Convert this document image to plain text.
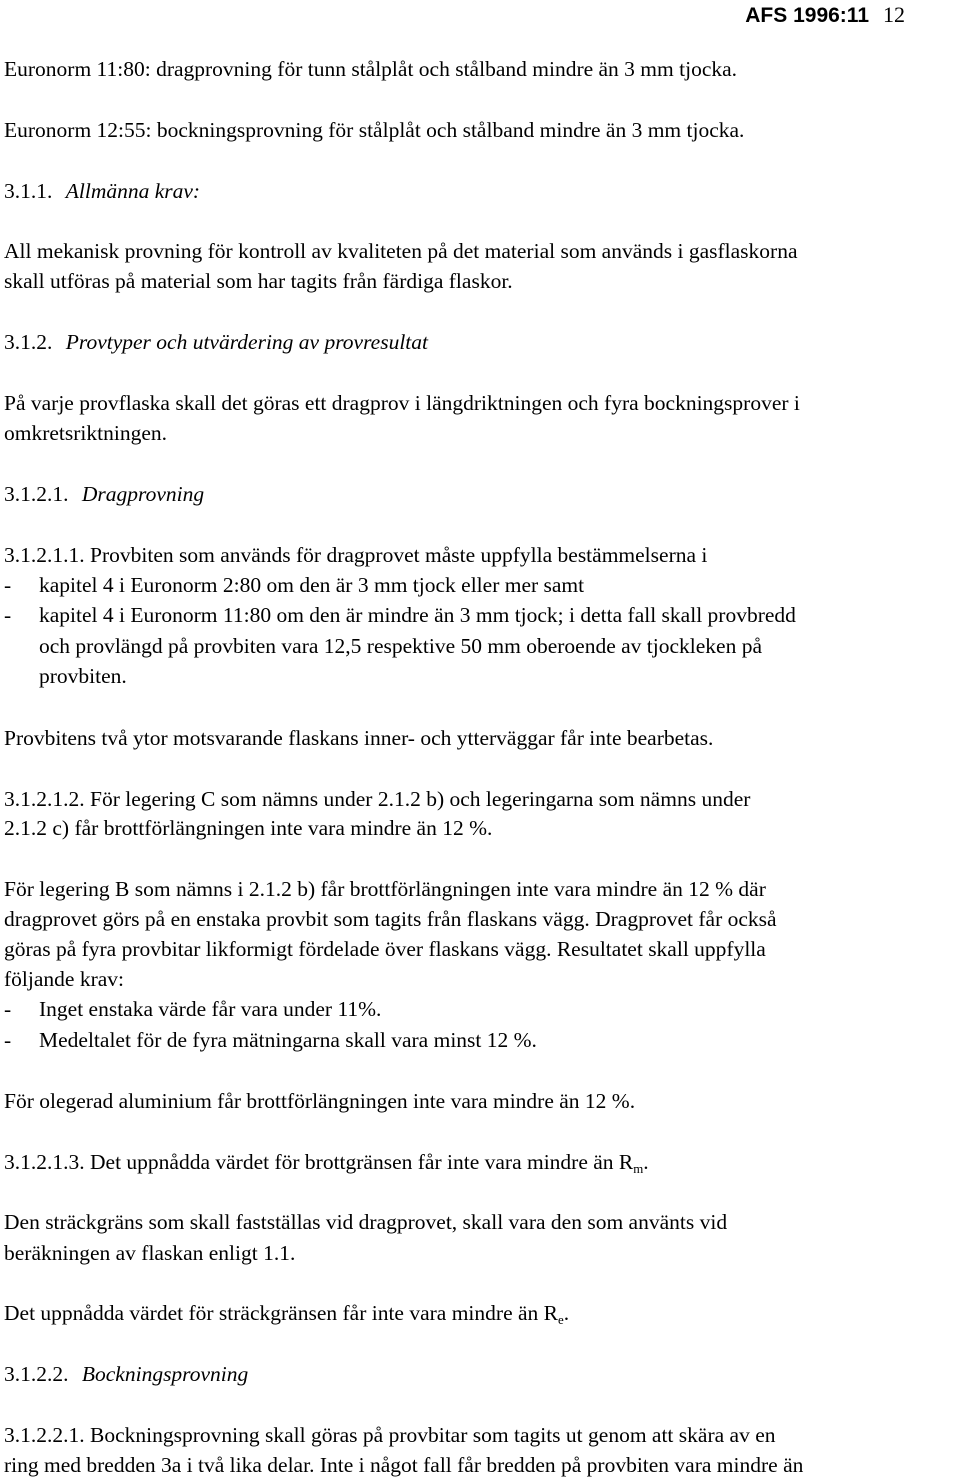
AFS 1996:11 12
Euronorm 11:80: dragprovning för tunn stålplåt och stålband mindre än 3 mm tjocka.
Euronorm 12:55: bockningsprovning för stålplåt och stålband mindre än 3 mm tjocka.
3.1.1. Allmänna krav:
All mekanisk provning för kontroll av kvaliteten på det material som används i gasflaskorna
skall utföras på material som har tagits från färdiga flaskor.
3.1.2. Provtyper och utvärdering av provresultat
På varje provflaska skall det göras ett dragprov i längdriktningen och fyra bockningsprover i
omkretsriktningen.
3.1.2.1. Dragprovning
3.1.2.1.1. Provbiten som används för dragprovet måste uppfylla bestämmelserna i
- kapitel 4 i Euronorm 2:80 om den är 3 mm tjock eller mer samt
- kapitel 4 i Euronorm 11:80 om den är mindre än 3 mm tjock; i detta fall skall provbredd
och provlängd på provbiten vara 12,5 respektive 50 mm oberoende av tjockleken på
provbiten.
Provbitens två ytor motsvarande flaskans inner- och ytterväggar får inte bearbetas.
3.1.2.1.2. För legering C som nämns under 2.1.2 b) och legeringarna som nämns under
2.1.2 c) får brottförlängningen inte vara mindre än 12 %.
För legering B som nämns i 2.1.2 b) får brottförlängningen inte vara mindre än 12 % där
dragprovet görs på en enstaka provbit som tagits från flaskans vägg. Dragprovet får också
göras på fyra provbitar likformigt fördelade över flaskans vägg. Resultatet skall uppfylla
följande krav:
- Inget enstaka värde får vara under 11%.
- Medeltalet för de fyra mätningarna skall vara minst 12 %.
För olegerad aluminium får brottförlängningen inte vara mindre än 12 %.
3.1.2.1.3. Det uppnådda värdet för brottgränsen får inte vara mindre än $R_m$.
Den sträckgräns som skall fastställas vid dragprovet, skall vara den som använts vid
beräkningen av flaskan enligt 1.1.
Det uppnådda värdet för sträckgränsen får inte vara mindre än $R_e$.
3.1.2.2. Bockningsprovning
3.1.2.2.1. Bockningsprovning skall göras på provbitar som tagits ut genom att skära av en
ring med bredden 3a i två lika delar. Inte i något fall får bredden på provbiten vara mindre än
